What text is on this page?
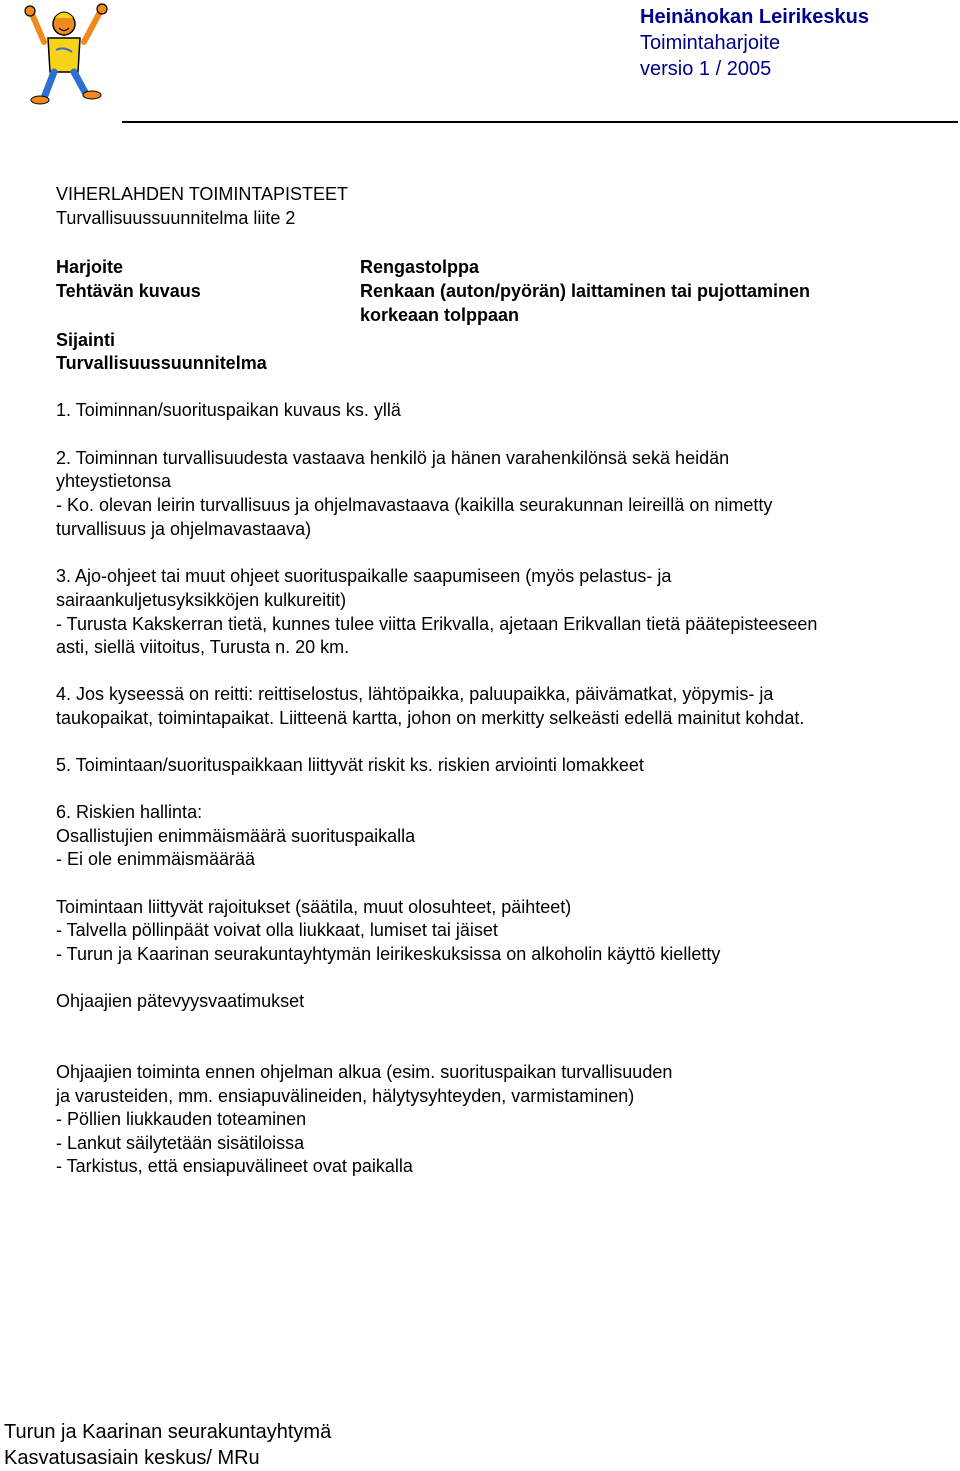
Heinänokan Leirikeskus
Toimintaharjoite
versio 1 / 2005
VIHERLAHDEN TOIMINTAPISTEET
Turvallisuussuunnitelma liite 2
Harjoite	Rengastolppa
Tehtävän kuvaus	Renkaan (auton/pyörän) laittaminen tai pujottaminen
korkeaan tolppaan
Sijainti
Turvallisuussuunnitelma
1. Toiminnan/suorituspaikan kuvaus ks. yllä
2. Toiminnan turvallisuudesta vastaava henkilö ja hänen varahenkilönsä sekä heidän
yhteystietonsa
- Ko. olevan leirin turvallisuus ja ohjelmavastaava (kaikilla seurakunnan leireillä on nimetty
turvallisuus ja ohjelmavastaava)
3. Ajo-ohjeet tai muut ohjeet suorituspaikalle saapumiseen (myös pelastus- ja
sairaankuljetusyksikköjen kulkureitit)
- Turusta Kakskerran tietä, kunnes tulee viitta Erikvalla, ajetaan Erikvallan tietä päätepisteeseen
asti, siellä viitoitus, Turusta n. 20 km.
4. Jos kyseessä on reitti: reittiselostus, lähtöpaikka, paluupaikka, päivämatkat, yöpymis- ja
taukopaikat, toimintapaikat. Liitteenä kartta, johon on merkitty selkeästi edellä mainitut kohdat.
5. Toimintaan/suorituspaikkaan liittyvät riskit ks. riskien arviointi lomakkeet
6. Riskien hallinta:
Osallistujien enimmäismäärä suorituspaikalla
- Ei ole enimmäismäärää
Toimintaan liittyvät rajoitukset (säätila, muut olosuhteet, päihteet)
- Talvella pöllinpäät voivat olla liukkaat, lumiset tai jäiset
- Turun ja Kaarinan seurakuntayhtymän leirikeskuksissa on alkoholin käyttö kielletty
Ohjaajien pätevyysvaatimukset
Ohjaajien toiminta ennen ohjelman alkua (esim. suorituspaikan turvallisuuden
ja varusteiden, mm. ensiapuvälineiden, hälytysyhteyden, varmistaminen)
- Pöllien liukkauden toteaminen
- Lankut säilytetään sisätiloissa
- Tarkistus, että ensiapuvälineet ovat paikalla
Turun ja Kaarinan seurakuntayhtymä
Kasvatusasiain keskus/ MRu
